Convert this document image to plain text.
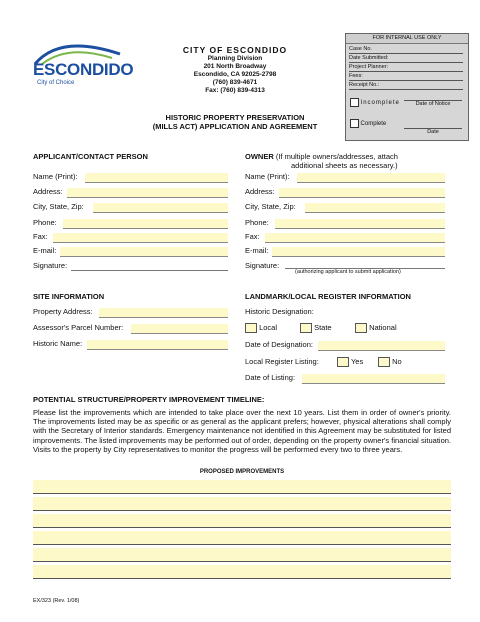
ESCONDIDO
City of Choice
CITY OF ESCONDIDO
Planning Division
201 North Broadway
Escondido, CA 92025-2798
(760) 839-4671
Fax: (760) 839-4313
HISTORIC PROPERTY PRESERVATION
(MILLS ACT) APPLICATION AND AGREEMENT
FOR INTERNAL USE ONLY
Case No.
Date Submitted:
Project Planner:
Fees:
Receipt No.:
Incomplete	Date of Notice
Complete
Date
APPLICANT/CONTACT PERSON
Name (Print):
Address:
City, State, Zip:
Phone:
Fax:
E-mail:
Signature:
OWNER (If multiple owners/addresses, attach
additional sheets as necessary.)
Name (Print):
Address:
City, State, Zip:
Phone:
Fax:
E-mail:
Signature:
(authorizing applicant to submit application)
SITE INFORMATION
Property Address:
Assessor's Parcel Number:
Historic Name:
LANDMARK/LOCAL REGISTER INFORMATION
Historic Designation:
Local	State	National
Date of Designation:
Local Register Listing:	Yes	No
Date of Listing:
POTENTIAL STRUCTURE/PROPERTY IMPROVEMENT TIMELINE:
Please list the improvements which are intended to take place over the next 10 years. List them in order of owner's priority. The improvements listed may be as specific or as general as the applicant prefers; however, physical alterations shall comply with the Secretary of Interior standards. Emergency maintenance not identified in this Agreement may be substituted for listed improvements. The listed improvements may be performed out of order, depending on the property owner's financial situation. Visits to the property by City representatives to monitor the progress will be performed every two to three years.
PROPOSED IMPROVEMENTS
EX/323 (Rev. 1/08)
